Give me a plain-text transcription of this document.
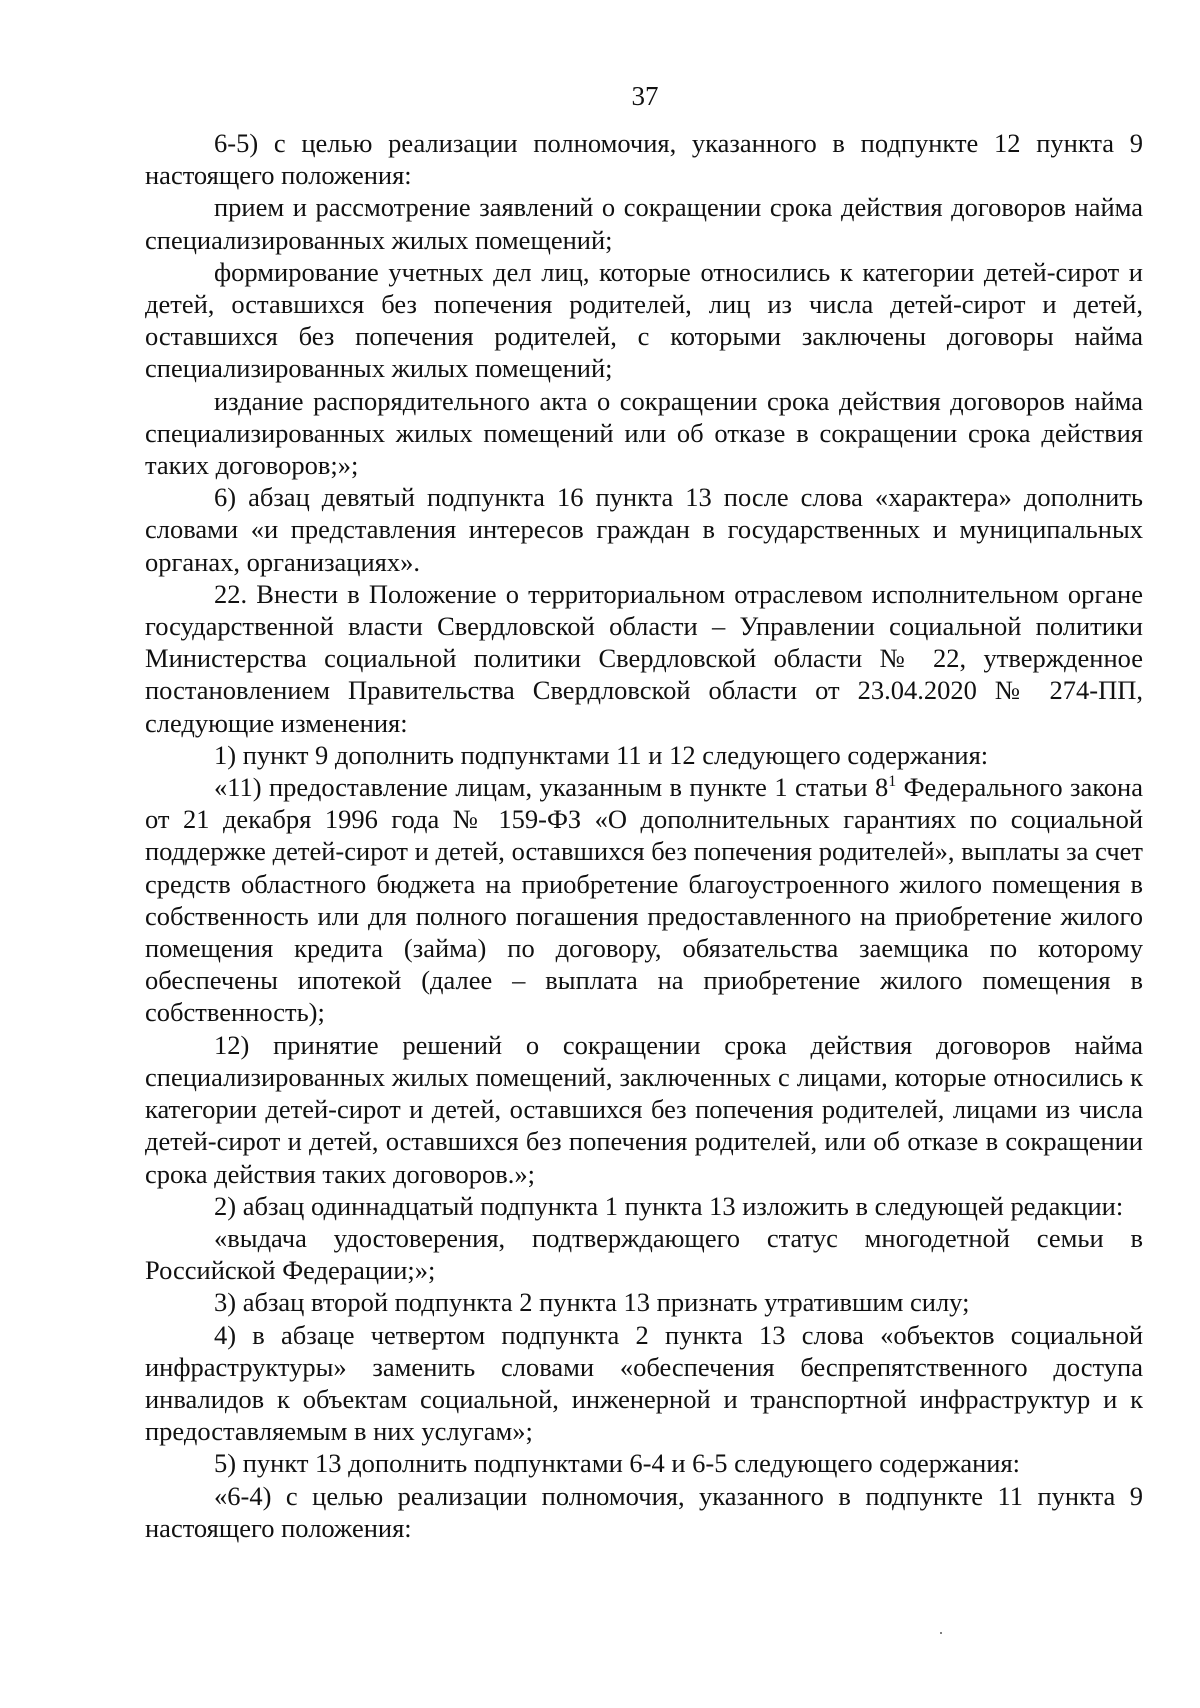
37

6-5) с целью реализации полномочия, указанного в подпункте 12 пункта 9 настоящего положения:

прием и рассмотрение заявлений о сокращении срока действия договоров найма специализированных жилых помещений;

формирование учетных дел лиц, которые относились к категории детей-сирот и детей, оставшихся без попечения родителей, лиц из числа детей-сирот и детей, оставшихся без попечения родителей, с которыми заключены договоры найма специализированных жилых помещений;

издание распорядительного акта о сокращении срока действия договоров найма специализированных жилых помещений или об отказе в сокращении срока действия таких договоров;»;

6) абзац девятый подпункта 16 пункта 13 после слова «характера» дополнить словами «и представления интересов граждан в государственных и муниципальных органах, организациях».

22. Внести в Положение о территориальном отраслевом исполнительном органе государственной власти Свердловской области – Управлении социальной политики Министерства социальной политики Свердловской области № 22, утвержденное постановлением Правительства Свердловской области от 23.04.2020 № 274-ПП, следующие изменения:

1) пункт 9 дополнить подпунктами 11 и 12 следующего содержания:

«11) предоставление лицам, указанным в пункте 1 статьи $8^1$ Федерального закона от 21 декабря 1996 года № 159-ФЗ «О дополнительных гарантиях по социальной поддержке детей-сирот и детей, оставшихся без попечения родителей», выплаты за счет средств областного бюджета на приобретение благоустроенного жилого помещения в собственность или для полного погашения предоставленного на приобретение жилого помещения кредита (займа) по договору, обязательства заемщика по которому обеспечены ипотекой (далее – выплата на приобретение жилого помещения в собственность);

12) принятие решений о сокращении срока действия договоров найма специализированных жилых помещений, заключенных с лицами, которые относились к категории детей-сирот и детей, оставшихся без попечения родителей, лицами из числа детей-сирот и детей, оставшихся без попечения родителей, или об отказе в сокращении срока действия таких договоров.»;

2) абзац одиннадцатый подпункта 1 пункта 13 изложить в следующей редакции:

«выдача удостоверения, подтверждающего статус многодетной семьи в Российской Федерации;»;

3) абзац второй подпункта 2 пункта 13 признать утратившим силу;

4) в абзаце четвертом подпункта 2 пункта 13 слова «объектов социальной инфраструктуры» заменить словами «обеспечения беспрепятственного доступа инвалидов к объектам социальной, инженерной и транспортной инфраструктур и к предоставляемым в них услугам»;

5) пункт 13 дополнить подпунктами 6-4 и 6-5 следующего содержания:

«6-4) с целью реализации полномочия, указанного в подпункте 11 пункта 9 настоящего положения:
